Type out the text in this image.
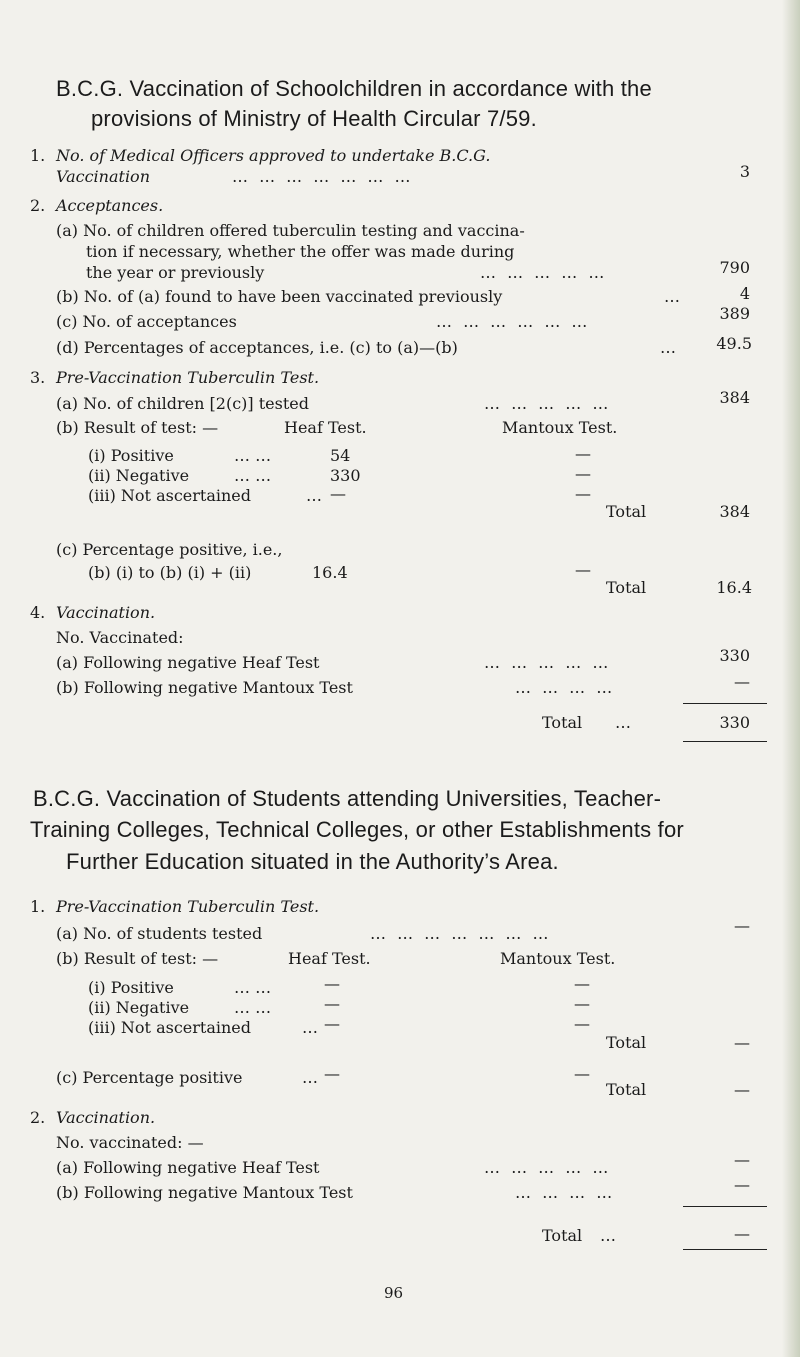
B.C.G. Vaccination of Schoolchildren in accordance with the
provisions of Ministry of Health Circular 7/59.
1. No. of Medical Officers approved to undertake B.C.G.
Vaccination	… … … … … … …	3
2. Acceptances.
(a) No. of children offered tuberculin testing and vaccina-
tion if necessary, whether the offer was made during
the year or previously	… … … … …	790
(b) No. of (a) found to have been vaccinated previously	…	4
(c) No. of acceptances	… … … … … …	389
(d) Percentages of acceptances, i.e. (c) to (a)—(b)	…	49.5
3. Pre-Vaccination Tuberculin Test.
(a) No. of children [2(c)] tested	… … … … …	384
(b) Result of test: —	Heaf Test.	Mantoux Test.
(i) Positive	… …	54	—
(ii) Negative	… …	330	—
(iii) Not ascertained	… —	—
Total	384
(c) Percentage positive, i.e.,
(b) (i) to (b) (i) + (ii)	16.4	—
Total	16.4
4. Vaccination.
No. Vaccinated:
(a) Following negative Heaf Test	… … … … …	330
(b) Following negative Mantoux Test	… … … …	—
Total …	330
B.C.G. Vaccination of Students attending Universities, Teacher-
Training Colleges, Technical Colleges, or other Establishments for
Further Education situated in the Authority’s Area.
1. Pre-Vaccination Tuberculin Test.
(a) No. of students tested	… … … … … … …	—
(b) Result of test: —	Heaf Test.	Mantoux Test.
(i) Positive	… …	—	—
(ii) Negative	… …	—	—
(iii) Not ascertained	… —	—
Total	—
(c) Percentage positive	… —	—
Total	—
2. Vaccination.
No. vaccinated: —
(a) Following negative Heaf Test	… … … … …	—
(b) Following negative Mantoux Test	… … … …	—
Total …	—
96
